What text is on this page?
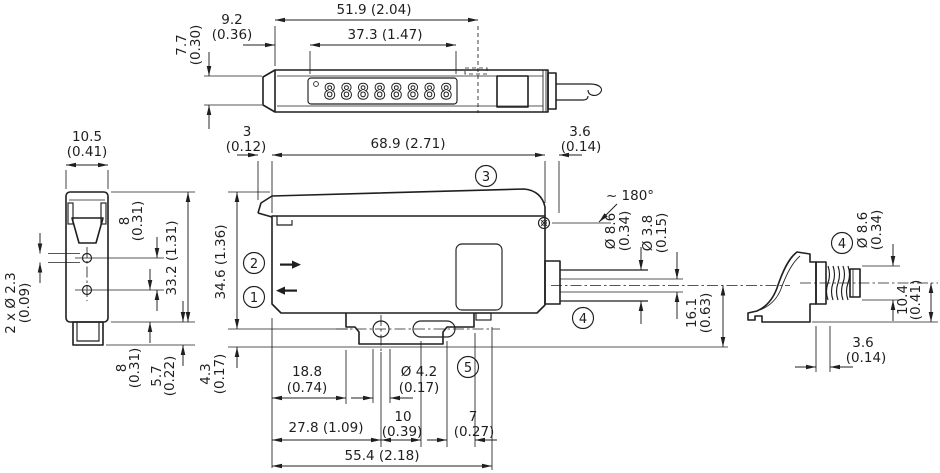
88888888
51.9 (2.04)
37.3 (1.47)
9.2
(0.36)
7.7
(0.30)
10.5
(0.41)
2 x Ø 2.3
(0.09)
8
(0.31) 33.2 (1.31)
8
(0.31) 5.7
(0.22)
3
(0.12)	68.9 (2.71)
3.6
(0.14)
~ 180°
Ø 8.6
(0.34) Ø 3.8
(0.15)
16.1
(0.63)
34.6 (1.36)
4.3
(0.17)	18.8
(0.74)
Ø 4.2
(0.17)
27.8 (1.09)
10
(0.39)
7
(0.27)
55.4 (2.18)
Ø 8.6
(0.34)
10.4
(0.41)
3.6
(0.14)
1
2
3
4
5
4
